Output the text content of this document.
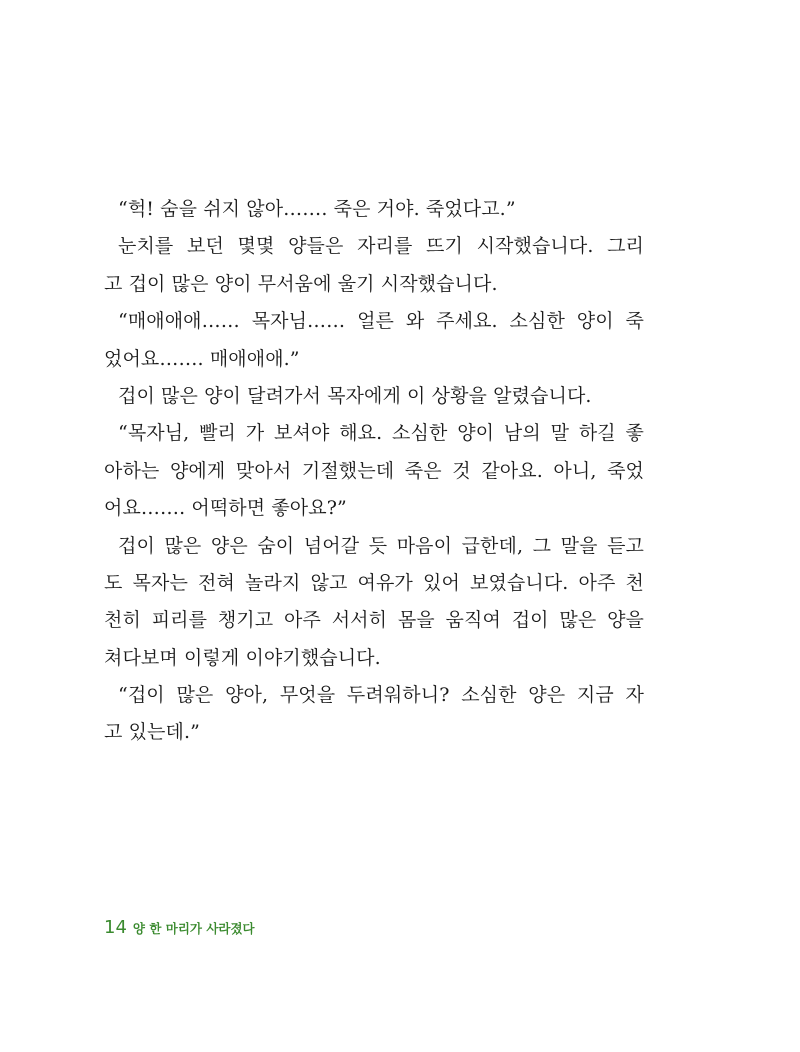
“헉! 숨을 쉬지 않아……. 죽은 거야. 죽었다고.”
눈치를 보던 몇몇 양들은 자리를 뜨기 시작했습니다. 그리
고 겁이 많은 양이 무서움에 울기 시작했습니다.
“매애애애…… 목자님…… 얼른 와 주세요. 소심한 양이 죽
었어요……. 매애애애.”
겁이 많은 양이 달려가서 목자에게 이 상황을 알렸습니다.
“목자님, 빨리 가 보셔야 해요. 소심한 양이 남의 말 하길 좋
아하는 양에게 맞아서 기절했는데 죽은 것 같아요. 아니, 죽었
어요……. 어떡하면 좋아요?”
겁이 많은 양은 숨이 넘어갈 듯 마음이 급한데, 그 말을 듣고
도 목자는 전혀 놀라지 않고 여유가 있어 보였습니다. 아주 천
천히 피리를 챙기고 아주 서서히 몸을 움직여 겁이 많은 양을
쳐다보며 이렇게 이야기했습니다.
“겁이 많은 양아, 무엇을 두려워하니? 소심한 양은 지금 자
고 있는데.”
14 양 한 마리가 사라졌다
